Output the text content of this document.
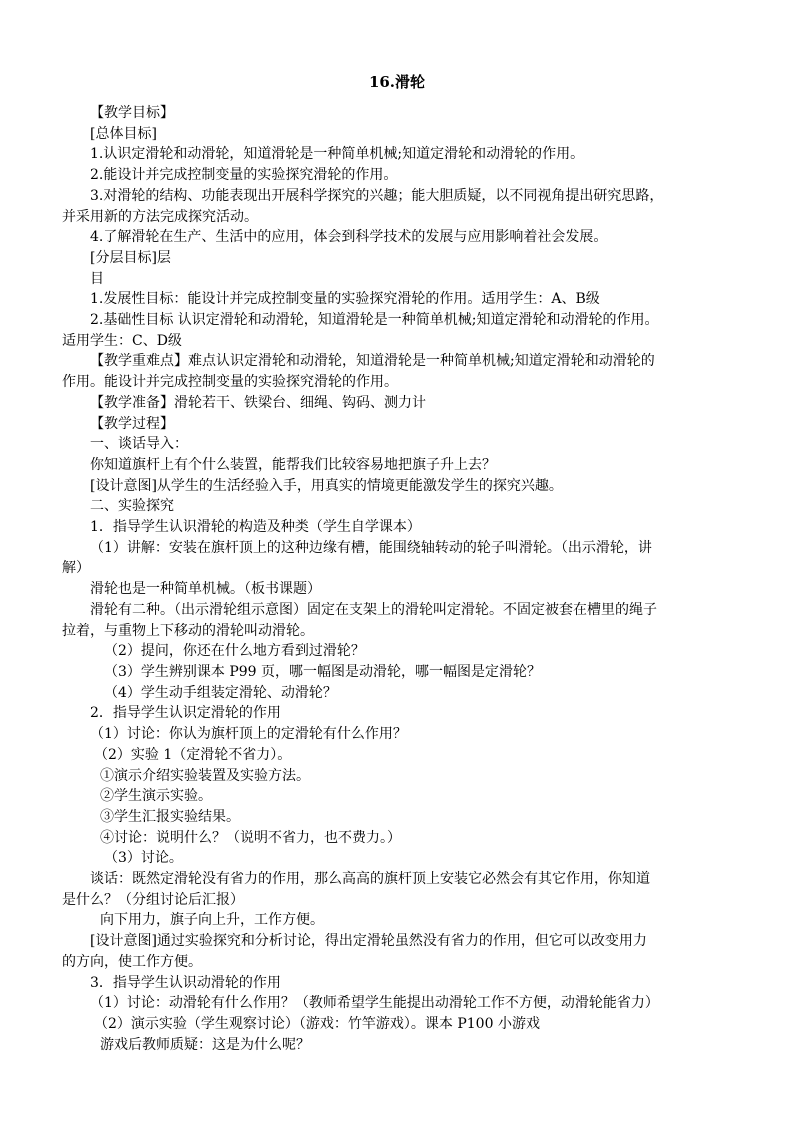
16.滑轮
【教学目标】
[总体目标]
1.认识定滑轮和动滑轮，知道滑轮是一种简单机械;知道定滑轮和动滑轮的作用。
2.能设计并完成控制变量的实验探究滑轮的作用。
3.对滑轮的结构、功能表现出开展科学探究的兴趣；能大胆质疑，以不同视角提出研究思路，
并采用新的方法完成探究活动。
4.了解滑轮在生产、生活中的应用，体会到科学技术的发展与应用影响着社会发展。
[分层目标]层
目
1.发展性目标：能设计并完成控制变量的实验探究滑轮的作用。适用学生：A、B级
2.基础性目标 认识定滑轮和动滑轮，知道滑轮是一种简单机械;知道定滑轮和动滑轮的作用。
适用学生：C、D级
【教学重难点】难点认识定滑轮和动滑轮，知道滑轮是一种简单机械;知道定滑轮和动滑轮的
作用。能设计并完成控制变量的实验探究滑轮的作用。
【教学准备】滑轮若干、铁梁台、细绳、钩码、测力计
【教学过程】
一、谈话导入：
你知道旗杆上有个什么装置，能帮我们比较容易地把旗子升上去？
[设计意图]从学生的生活经验入手，用真实的情境更能激发学生的探究兴趣。
二、实验探究
1．指导学生认识滑轮的构造及种类（学生自学课本）
（1）讲解：安装在旗杆顶上的这种边缘有槽，能围绕轴转动的轮子叫滑轮。（出示滑轮，讲
解）
滑轮也是一种简单机械。（板书课题）
滑轮有二种。（出示滑轮组示意图）固定在支架上的滑轮叫定滑轮。不固定被套在槽里的绳子
拉着，与重物上下移动的滑轮叫动滑轮。
（2）提问，你还在什么地方看到过滑轮？
（3）学生辨别课本 P99 页，哪一幅图是动滑轮，哪一幅图是定滑轮？
（4）学生动手组装定滑轮、动滑轮？
2．指导学生认识定滑轮的作用
（1）讨论：你认为旗杆顶上的定滑轮有什么作用？
（2）实验 1（定滑轮不省力）。
①演示介绍实验装置及实验方法。
②学生演示实验。
③学生汇报实验结果。
④讨论：说明什么？（说明不省力，也不费力。）
（3）讨论。
谈话：既然定滑轮没有省力的作用，那么高高的旗杆顶上安装它必然会有其它作用，你知道
是什么？（分组讨论后汇报）
向下用力，旗子向上升，工作方便。
[设计意图]通过实验探究和分析讨论，得出定滑轮虽然没有省力的作用，但它可以改变用力
的方向，使工作方便。
3．指导学生认识动滑轮的作用
（1）讨论：动滑轮有什么作用？（教师希望学生能提出动滑轮工作不方便，动滑轮能省力）
（2）演示实验（学生观察讨论）（游戏：竹竿游戏）。课本 P100 小游戏
游戏后教师质疑：这是为什么呢？
